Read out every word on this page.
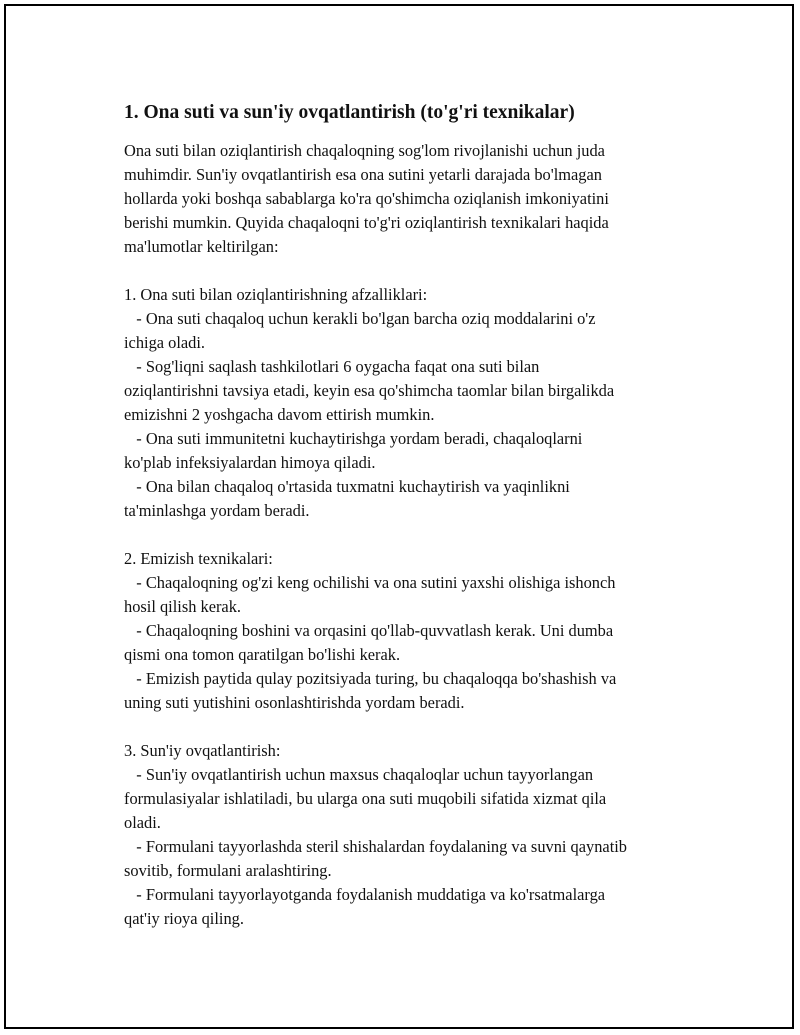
1. Ona suti va sun'iy ovqatlantirish (to'g'ri texnikalar)

Ona suti bilan oziqlantirish chaqaloqning sog'lom rivojlanishi uchun juda

muhimdir. Sun'iy ovqatlantirish esa ona sutini yetarli darajada bo'lmagan

hollarda yoki boshqa sabablarga ko'ra qo'shimcha oziqlanish imkoniyatini

berishi mumkin. Quyida chaqaloqni to'g'ri oziqlantirish texnikalari haqida

ma'lumotlar keltirilgan:

1. Ona suti bilan oziqlantirishning afzalliklari:

- Ona suti chaqaloq uchun kerakli bo'lgan barcha oziq moddalarini o'z

ichiga oladi.

- Sog'liqni saqlash tashkilotlari 6 oygacha faqat ona suti bilan

oziqlantirishni tavsiya etadi, keyin esa qo'shimcha taomlar bilan birgalikda

emizishni 2 yoshgacha davom ettirish mumkin.

- Ona suti immunitetni kuchaytirishga yordam beradi, chaqaloqlarni

ko'plab infeksiyalardan himoya qiladi.

- Ona bilan chaqaloq o'rtasida tuxmatni kuchaytirish va yaqinlikni

ta'minlashga yordam beradi.

2. Emizish texnikalari:

- Chaqaloqning og'zi keng ochilishi va ona sutini yaxshi olishiga ishonch

hosil qilish kerak.

- Chaqaloqning boshini va orqasini qo'llab-quvvatlash kerak. Uni dumba

qismi ona tomon qaratilgan bo'lishi kerak.

- Emizish paytida qulay pozitsiyada turing, bu chaqaloqqa bo'shashish va

uning suti yutishini osonlashtirishda yordam beradi.

3. Sun'iy ovqatlantirish:

- Sun'iy ovqatlantirish uchun maxsus chaqaloqlar uchun tayyorlangan

formulasiyalar ishlatiladi, bu ularga ona suti muqobili sifatida xizmat qila

oladi.

- Formulani tayyorlashda steril shishalardan foydalaning va suvni qaynatib

sovitib, formulani aralashtiring.

- Formulani tayyorlayotganda foydalanish muddatiga va ko'rsatmalarga

qat'iy rioya qiling.
